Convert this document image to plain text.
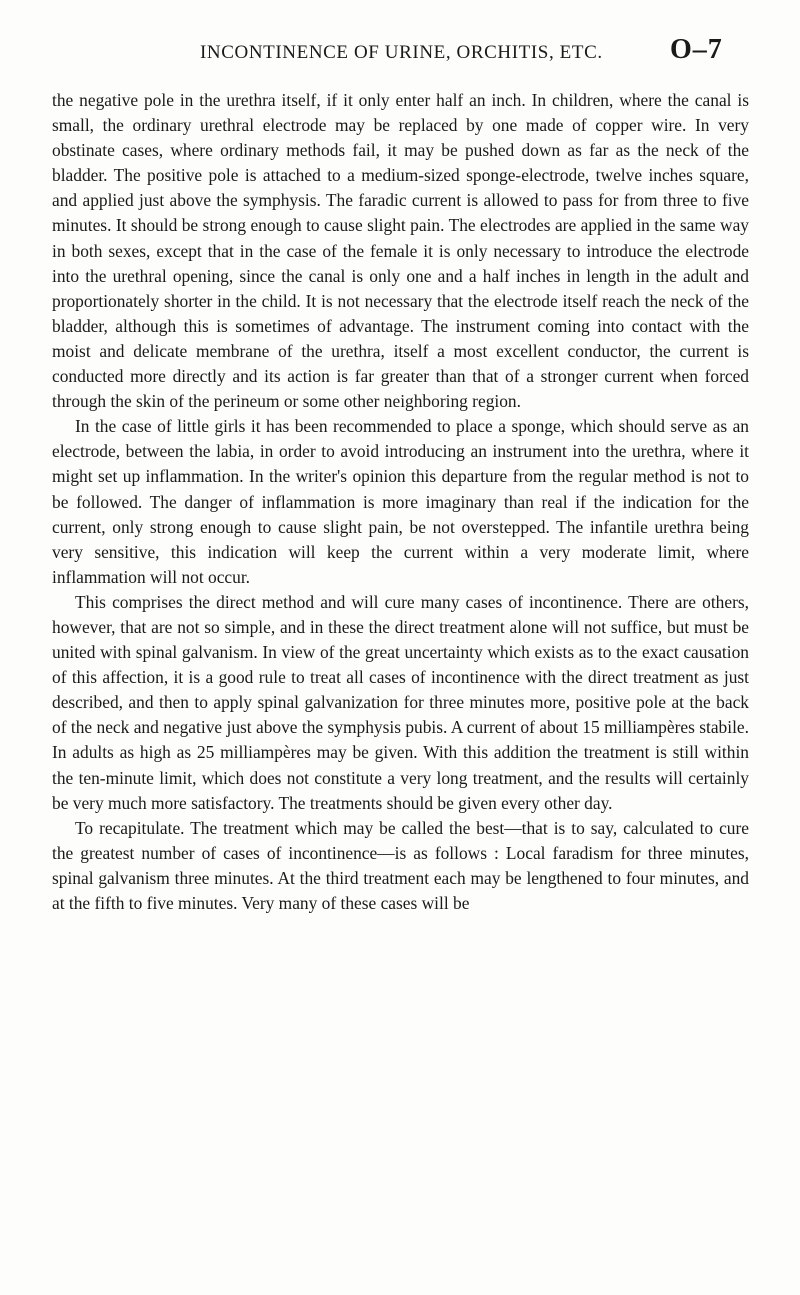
INCONTINENCE OF URINE, ORCHITIS, ETC.	O–7

the negative pole in the urethra itself, if it only enter half an inch. In children, where the canal is small, the ordinary urethral electrode may be replaced by one made of copper wire. In very obstinate cases, where ordinary methods fail, it may be pushed down as far as the neck of the bladder. The positive pole is attached to a medium-sized sponge-electrode, twelve inches square, and applied just above the symphysis. The faradic current is allowed to pass for from three to five minutes. It should be strong enough to cause slight pain. The electrodes are applied in the same way in both sexes, except that in the case of the female it is only necessary to introduce the electrode into the urethral opening, since the canal is only one and a half inches in length in the adult and proportionately shorter in the child. It is not necessary that the electrode itself reach the neck of the bladder, although this is sometimes of advantage. The instrument coming into contact with the moist and delicate membrane of the urethra, itself a most excellent conductor, the current is conducted more directly and its action is far greater than that of a stronger current when forced through the skin of the perineum or some other neighboring region.

In the case of little girls it has been recommended to place a sponge, which should serve as an electrode, between the labia, in order to avoid introducing an instrument into the urethra, where it might set up inflammation. In the writer's opinion this departure from the regular method is not to be followed. The danger of inflammation is more imaginary than real if the indication for the current, only strong enough to cause slight pain, be not overstepped. The infantile urethra being very sensitive, this indication will keep the current within a very moderate limit, where inflammation will not occur.

This comprises the direct method and will cure many cases of incontinence. There are others, however, that are not so simple, and in these the direct treatment alone will not suffice, but must be united with spinal galvanism. In view of the great uncertainty which exists as to the exact causation of this affection, it is a good rule to treat all cases of incontinence with the direct treatment as just described, and then to apply spinal galvanization for three minutes more, positive pole at the back of the neck and negative just above the symphysis pubis. A current of about 15 milliampères stabile. In adults as high as 25 milliampères may be given. With this addition the treatment is still within the ten-minute limit, which does not constitute a very long treatment, and the results will certainly be very much more satisfactory. The treatments should be given every other day.

To recapitulate. The treatment which may be called the best—that is to say, calculated to cure the greatest number of cases of incontinence—is as follows : Local faradism for three minutes, spinal galvanism three minutes. At the third treatment each may be lengthened to four minutes, and at the fifth to five minutes. Very many of these cases will be
